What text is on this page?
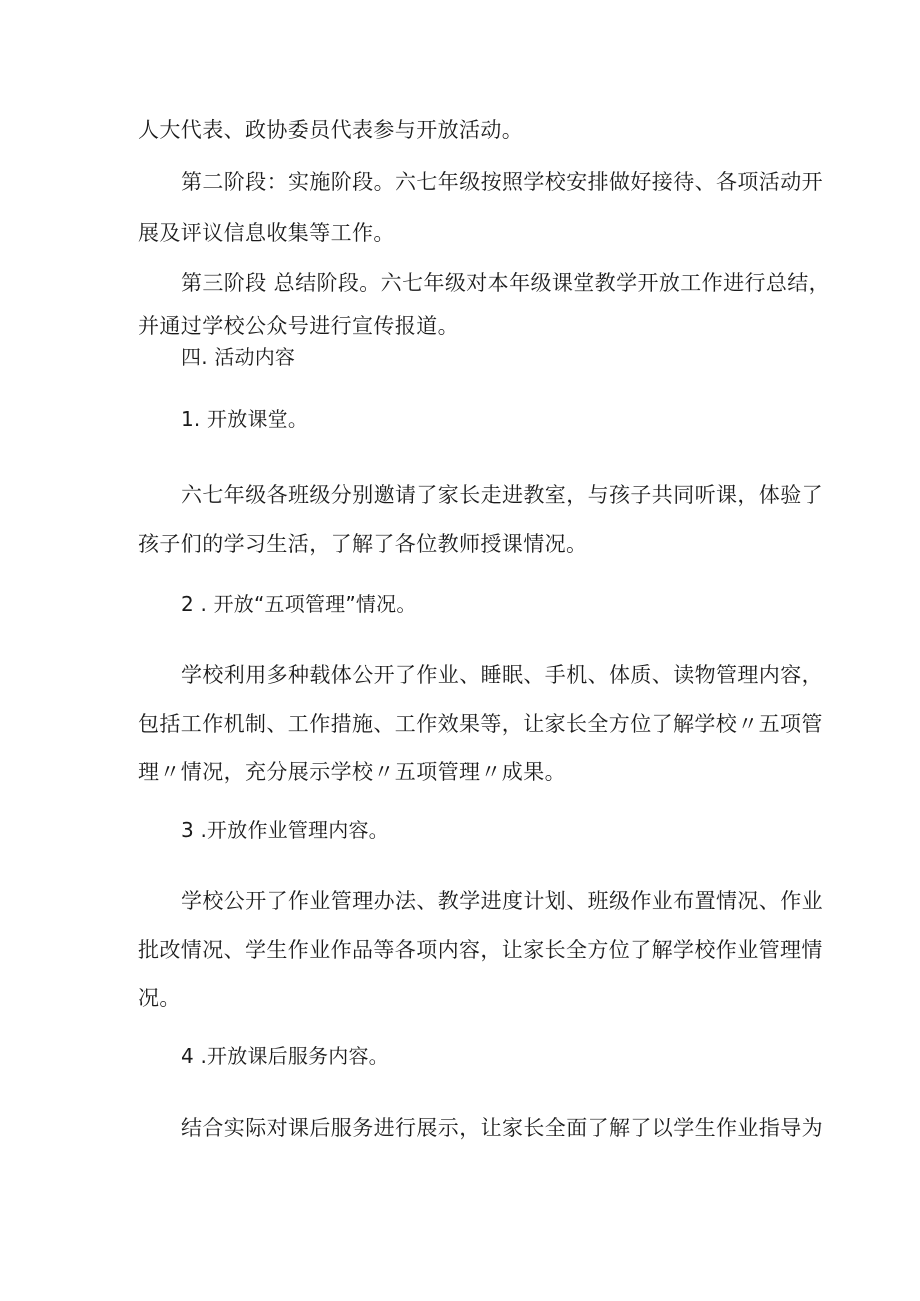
人大代表、政协委员代表参与开放活动。
第二阶段：实施阶段。六七年级按照学校安排做好接待、各项活动开
展及评议信息收集等工作。
第三阶段 总结阶段。六七年级对本年级课堂教学开放工作进行总结，
并通过学校公众号进行宣传报道。
四. 活动内容
1. 开放课堂。
六七年级各班级分别邀请了家长走进教室，与孩子共同听课，体验了
孩子们的学习生活，了解了各位教师授课情况。
2 . 开放“五项管理”情况。
学校利用多种载体公开了作业、睡眠、手机、体质、读物管理内容，
包括工作机制、工作措施、工作效果等，让家长全方位了解学校〃五项管
理〃情况，充分展示学校〃五项管理〃成果。
3 .开放作业管理内容。
学校公开了作业管理办法、教学进度计划、班级作业布置情况、作业
批改情况、学生作业作品等各项内容，让家长全方位了解学校作业管理情
况。
4 .开放课后服务内容。
结合实际对课后服务进行展示，让家长全面了解了以学生作业指导为
